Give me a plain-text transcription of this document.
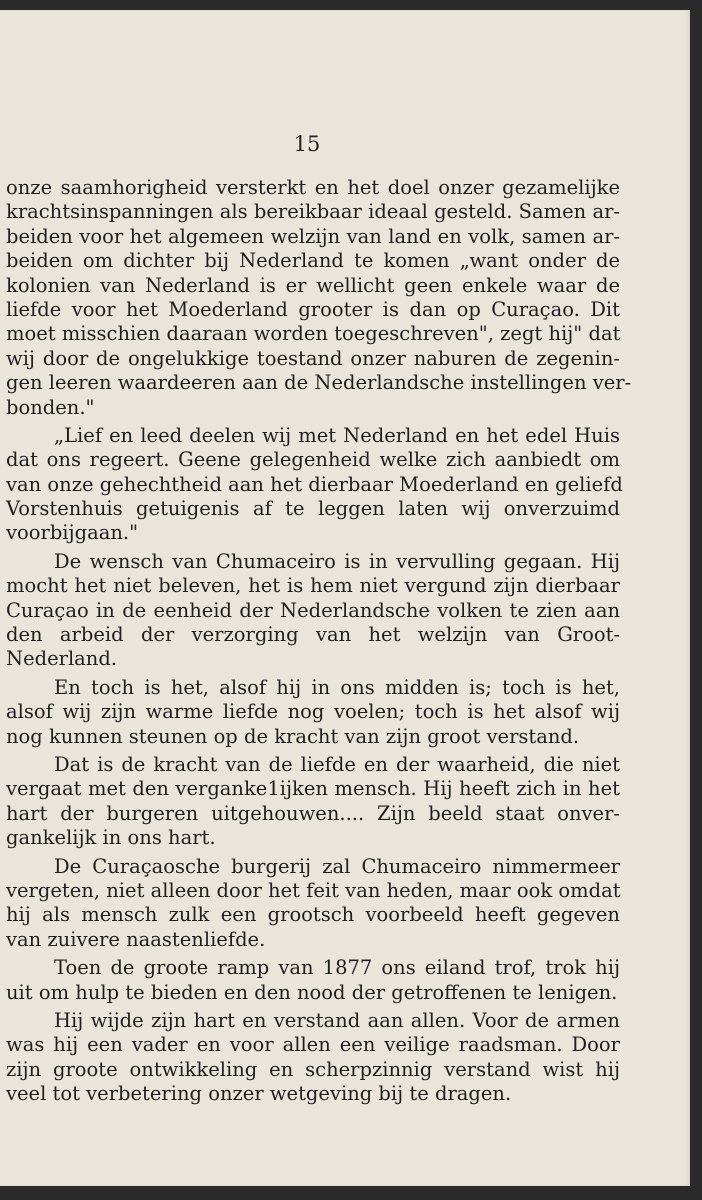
15
onze saamhorigheid versterkt en het doel onzer gezamelijke
krachtsinspanningen als bereikbaar ideaal gesteld. Samen ar-
beiden voor het algemeen welzijn van land en volk, samen ar-
beiden om dichter bij Nederland te komen „want onder de
kolonien van Nederland is er wellicht geen enkele waar de
liefde voor het Moederland grooter is dan op Curaçao. Dit
moet misschien daaraan worden toegeschreven", zegt hij" dat
wij door de ongelukkige toestand onzer naburen de zegenin-
gen leeren waardeeren aan de Nederlandsche instellingen ver-
bonden."
„Lief en leed deelen wij met Nederland en het edel Huis
dat ons regeert. Geene gelegenheid welke zich aanbiedt om
van onze gehechtheid aan het dierbaar Moederland en geliefd
Vorstenhuis getuigenis af te leggen laten wij onverzuimd
voorbijgaan."
De wensch van Chumaceiro is in vervulling gegaan. Hij
mocht het niet beleven, het is hem niet vergund zijn dierbaar
Curaçao in de eenheid der Nederlandsche volken te zien aan
den arbeid der verzorging van het welzijn van Groot-
Nederland.
En toch is het, alsof hij in ons midden is; toch is het,
alsof wij zijn warme liefde nog voelen; toch is het alsof wij
nog kunnen steunen op de kracht van zijn groot verstand.
Dat is de kracht van de liefde en der waarheid, die niet
vergaat met den verganke1ijken mensch. Hij heeft zich in het
hart der burgeren uitgehouwen.... Zijn beeld staat onver-
gankelijk in ons hart.
De Curaçaosche burgerij zal Chumaceiro nimmermeer
vergeten, niet alleen door het feit van heden, maar ook omdat
hij als mensch zulk een grootsch voorbeeld heeft gegeven
van zuivere naastenliefde.
Toen de groote ramp van 1877 ons eiland trof, trok hij
uit om hulp te bieden en den nood der getroffenen te lenigen.
Hij wijde zijn hart en verstand aan allen. Voor de armen
was hij een vader en voor allen een veilige raadsman. Door
zijn groote ontwikkeling en scherpzinnig verstand wist hij
veel tot verbetering onzer wetgeving bij te dragen.
